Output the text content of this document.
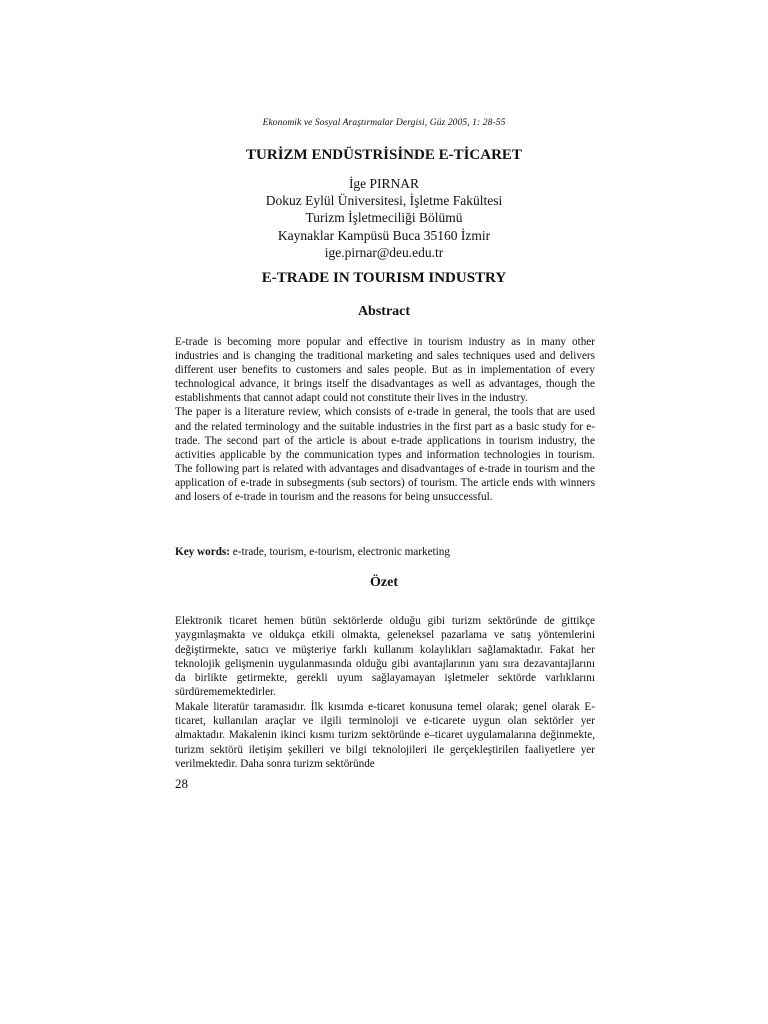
Ekonomik ve Sosyal Araştırmalar Dergisi, Güz 2005, 1: 28-55
TURİZM ENDÜSTRİSİNDE E-TİCARET
İge PIRNAR
Dokuz Eylül Üniversitesi, İşletme Fakültesi
Turizm İşletmeciliği Bölümü
Kaynaklar Kampüsü Buca 35160 İzmir
ige.pirnar@deu.edu.tr
E-TRADE IN TOURISM INDUSTRY
Abstract

E-trade is becoming more popular and effective in tourism industry as in many other industries and is changing the traditional marketing and sales techniques used and delivers different user benefits to customers and sales people. But as in implementation of every technological advance, it brings itself the disadvantages as well as advantages, though the establishments that cannot adapt could not constitute their lives in the industry.

The paper is a literature review, which consists of e-trade in general, the tools that are used and the related terminology and the suitable industries in the first part as a basic study for e-trade. The second part of the article is about e-trade applications in tourism industry, the activities applicable by the communication types and information technologies in tourism. The following part is related with advantages and disadvantages of e-trade in tourism and the application of e-trade in subsegments (sub sectors) of tourism. The article ends with winners and losers of e-trade in tourism and the reasons for being unsuccessful.

Key words: e-trade, tourism, e-tourism, electronic marketing
Özet

Elektronik ticaret hemen bütün sektörlerde olduğu gibi turizm sektöründe de gittikçe yaygınlaşmakta ve oldukça etkili olmakta, geleneksel pazarlama ve satış yöntemlerini değiştirmekte, satıcı ve müşteriye farklı kullanım kolaylıkları sağlamaktadır. Fakat her teknolojik gelişmenin uygulanmasında olduğu gibi avantajlarının yanı sıra dezavantajlarını da birlikte getirmekte, gerekli uyum sağlayamayan işletmeler sektörde varlıklarını sürdürememektedirler.

Makale literatür taramasıdır. İlk kısımda e-ticaret konusuna temel olarak; genel olarak E-ticaret, kullanılan araçlar ve ilgili terminoloji ve e-ticarete uygun olan sektörler yer almaktadır. Makalenin ikinci kısmı turizm sektöründe e–ticaret uygulamalarına değinmekte, turizm sektörü iletişim şekilleri ve bilgi teknolojileri ile gerçekleştirilen faaliyetlere yer verilmektedir. Daha sonra turizm sektöründe

28
